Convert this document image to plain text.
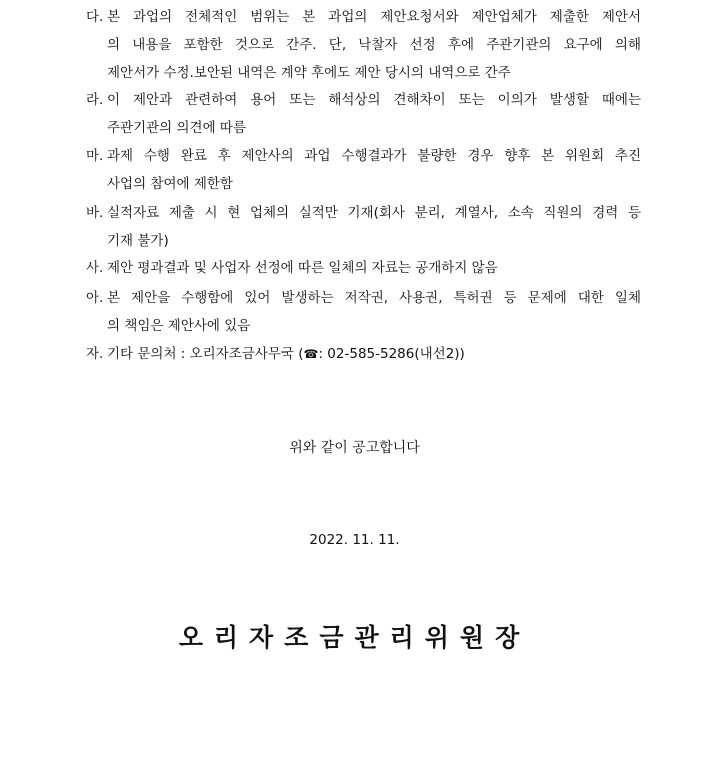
다. 본 과업의 전체적인 범위는 본 과업의 제안요청서와 제안업체가 제출한 제안서
의 내용을 포함한 것으로 간주. 단, 낙찰자 선정 후에 주관기관의 요구에 의해
제안서가 수정.보안된 내역은 계약 후에도 제안 당시의 내역으로 간주
라. 이 제안과 관련하여 용어 또는 해석상의 견해차이 또는 이의가 발생할 때에는
주관기관의 의견에 따름
마. 과제 수행 완료 후 제안사의 과업 수행결과가 불량한 경우 향후 본 위원회 추진
사업의 참여에 제한함
바. 실적자료 제출 시 현 업체의 실적만 기재(회사 분리, 계열사, 소속 직원의 경력 등
기재 불가)
사. 제안 평과결과 및 사업자 선정에 따른 일체의 자료는 공개하지 않음
아. 본 제안을 수행함에 있어 발생하는 저작권, 사용권, 특허권 등 문제에 대한 일체
의 책임은 제안사에 있음
자. 기타 문의처 : 오리자조금사무국 (☎: 02-585-5286(내선2))
위와 같이 공고합니다
2022. 11. 11.
오리자조금관리위원장
